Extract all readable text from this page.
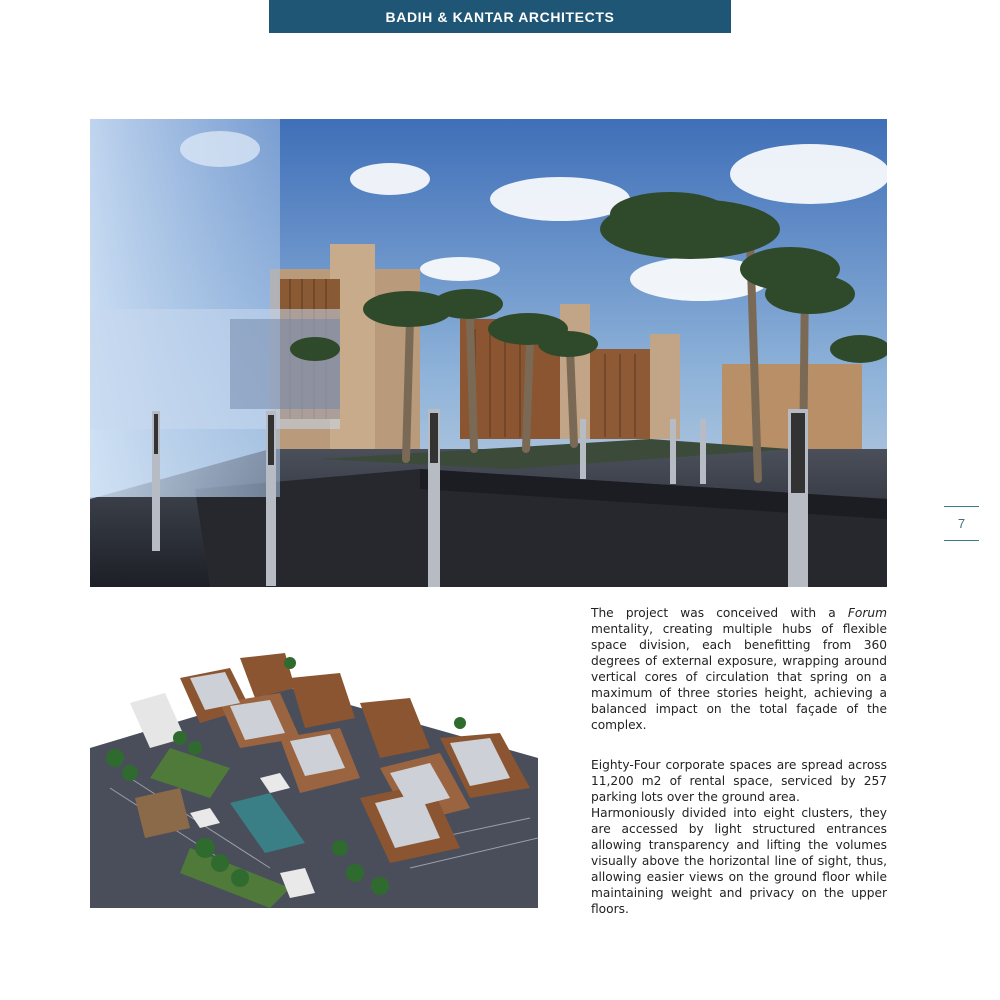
BADIH & KANTAR ARCHITECTS
7

The project was conceived with a Forum mentality, creating multiple hubs of flexible space division, each benefitting from 360 degrees of external exposure, wrapping around vertical cores of circulation that spring on a maximum of three stories height, achieving a balanced impact on the total façade of the complex.

Eighty-Four corporate spaces are spread across 11,200 m2 of rental space, serviced by 257 parking lots over the ground area.

Harmoniously divided into eight clusters, they are accessed by light structured entrances allowing transparency and lifting the volumes visually above the horizontal line of sight, thus, allowing easier views on the ground floor while maintaining weight and privacy on the upper floors.
